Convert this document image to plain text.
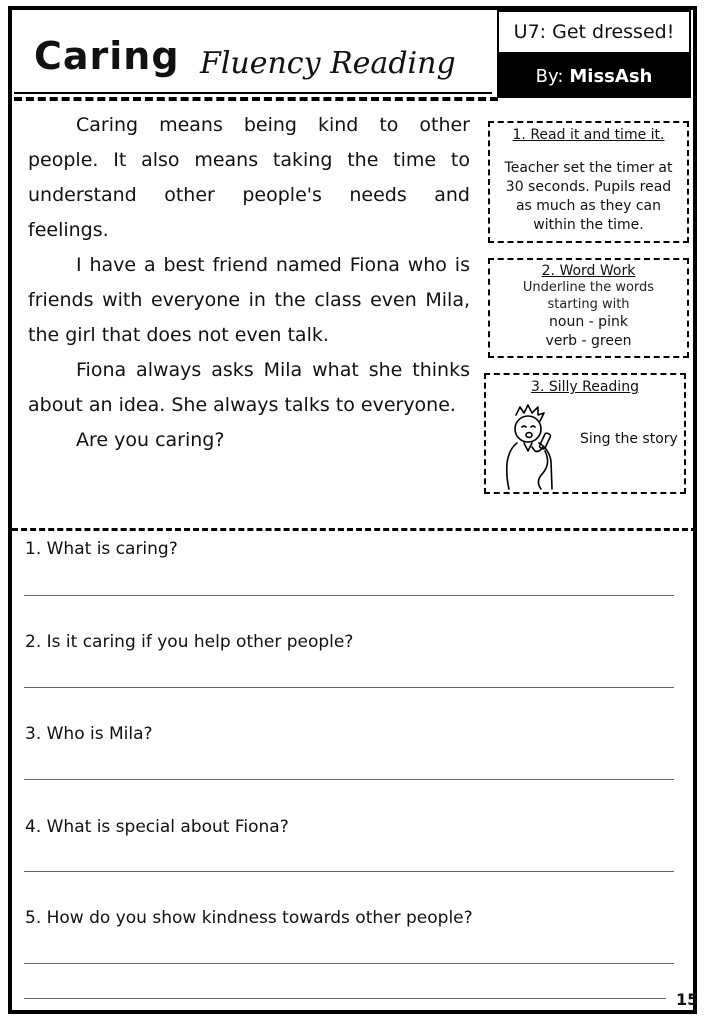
Caring Fluency Reading
U7: Get dressed!
By: MissAsh

Caring means being kind to other people. It also means taking the time to understand other people's needs and feelings.

I have a best friend named Fiona who is friends with everyone in the class even Mila, the girl that does not even talk.

Fiona always asks Mila what she thinks about an idea. She always talks to everyone.

Are you caring?

1. Read it and time it.
Teacher set the timer at 30 seconds. Pupils read as much as they can within the time.
2. Word Work
Underline the words
starting with
noun - pink
verb - green
3. Silly Reading
Sing the story
1. What is caring?
2. Is it caring if you help other people?
3. Who is Mila?
4. What is special about Fiona?
5. How do you show kindness towards other people?
15
